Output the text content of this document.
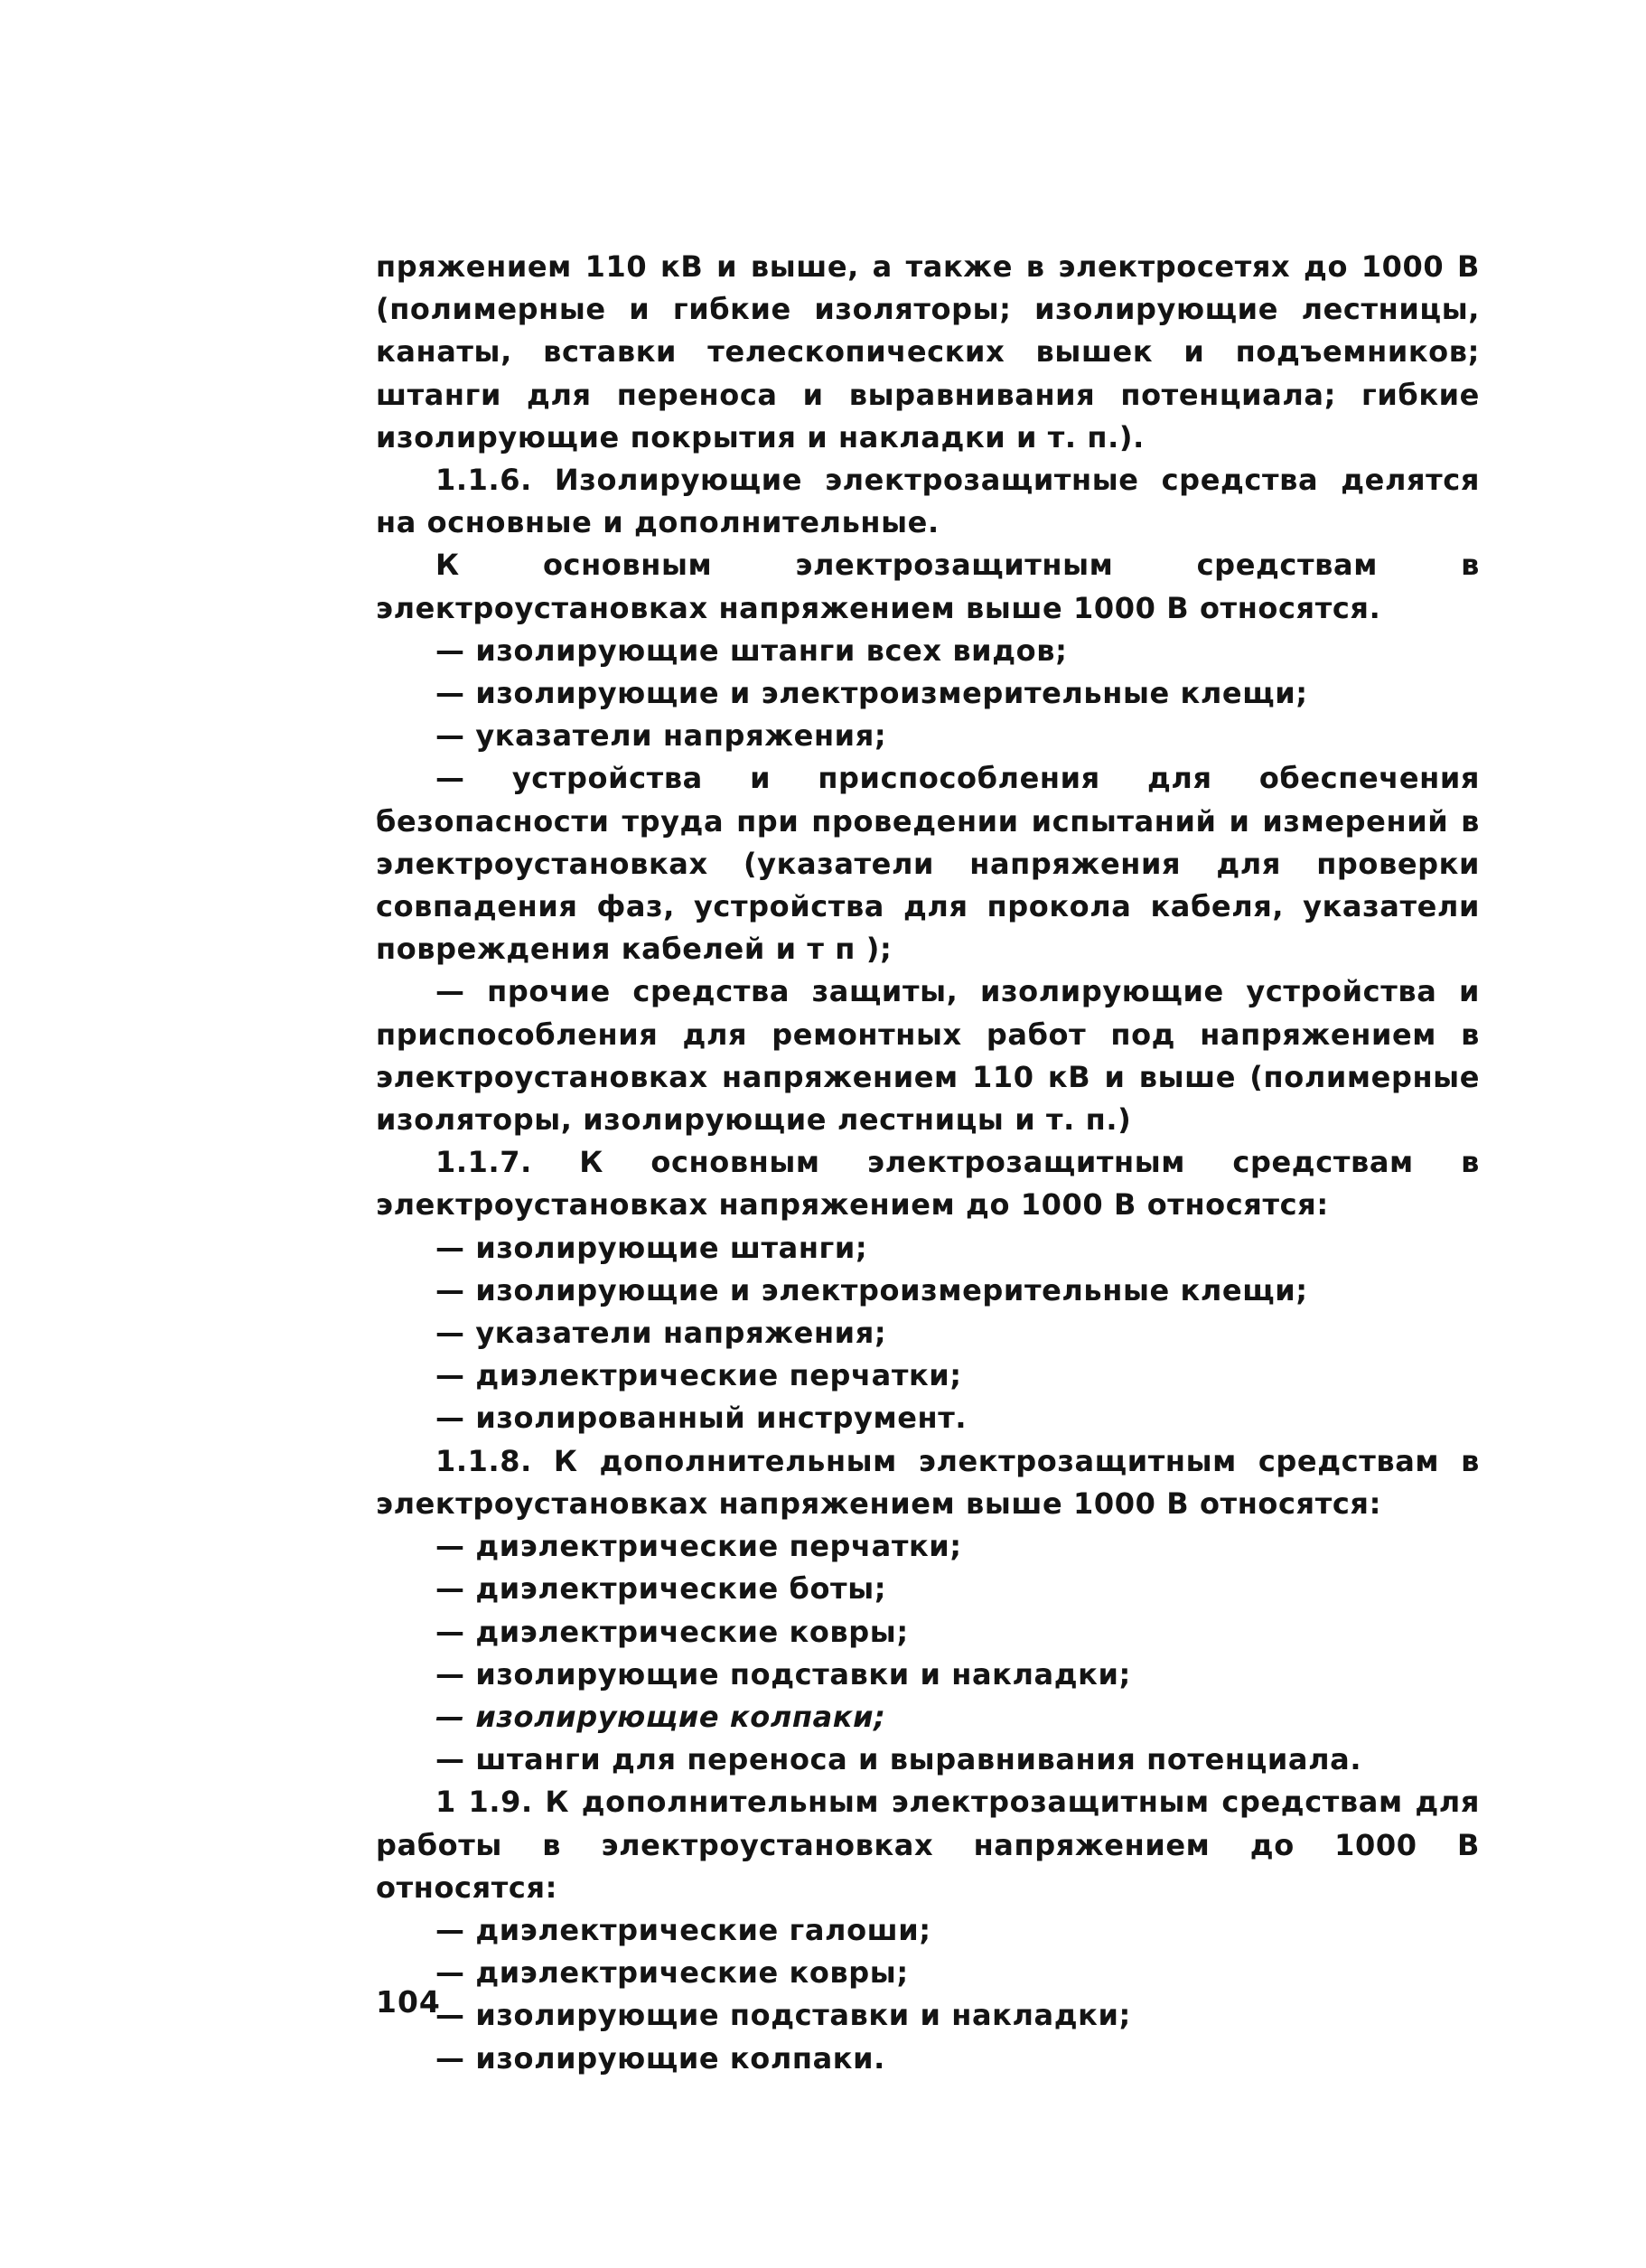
пряжением 110 кВ и выше, а также в электросетях до 1000 В (полимерные и гибкие изоляторы; изолирующие лестницы, канаты, вставки телескопических вышек и подъемников; штанги для переноса и выравнивания потенциала; гибкие изолирующие покрытия и накладки и т. п.).

1.1.6. Изолирующие электрозащитные средства делятся на основные и дополнительные.

К основным электрозащитным средствам в электроустановках напряжением выше 1000 В относятся.

— изолирующие штанги всех видов;

— изолирующие и электроизмерительные клещи;

— указатели напряжения;

— устройства и приспособления для обеспечения безопасности труда при проведении испытаний и измерений в электроустановках (указатели напряжения для проверки совпадения фаз, устройства для прокола кабеля, указатели повреждения кабелей и т п );

— прочие средства защиты, изолирующие устройства и приспособления для ремонтных работ под напряжением в электроустановках напряжением 110 кВ и выше (полимерные изоляторы, изолирующие лестницы и т. п.)

1.1.7. К основным электрозащитным средствам в электроустановках напряжением до 1000 В относятся:

— изолирующие штанги;

— изолирующие и электроизмерительные клещи;

— указатели напряжения;

— диэлектрические перчатки;

— изолированный инструмент.

1.1.8. К дополнительным электрозащитным средствам в электроустановках напряжением выше 1000 В относятся:

— диэлектрические перчатки;

— диэлектрические боты;

— диэлектрические ковры;

— изолирующие подставки и накладки;

— изолирующие колпаки;

— штанги для переноса и выравнивания потенциала.

1 1.9. К дополнительным электрозащитным средствам для работы в электроустановках напряжением до 1000 В относятся:

— диэлектрические галоши;

— диэлектрические ковры;

— изолирующие подставки и накладки;

— изолирующие колпаки.

104
